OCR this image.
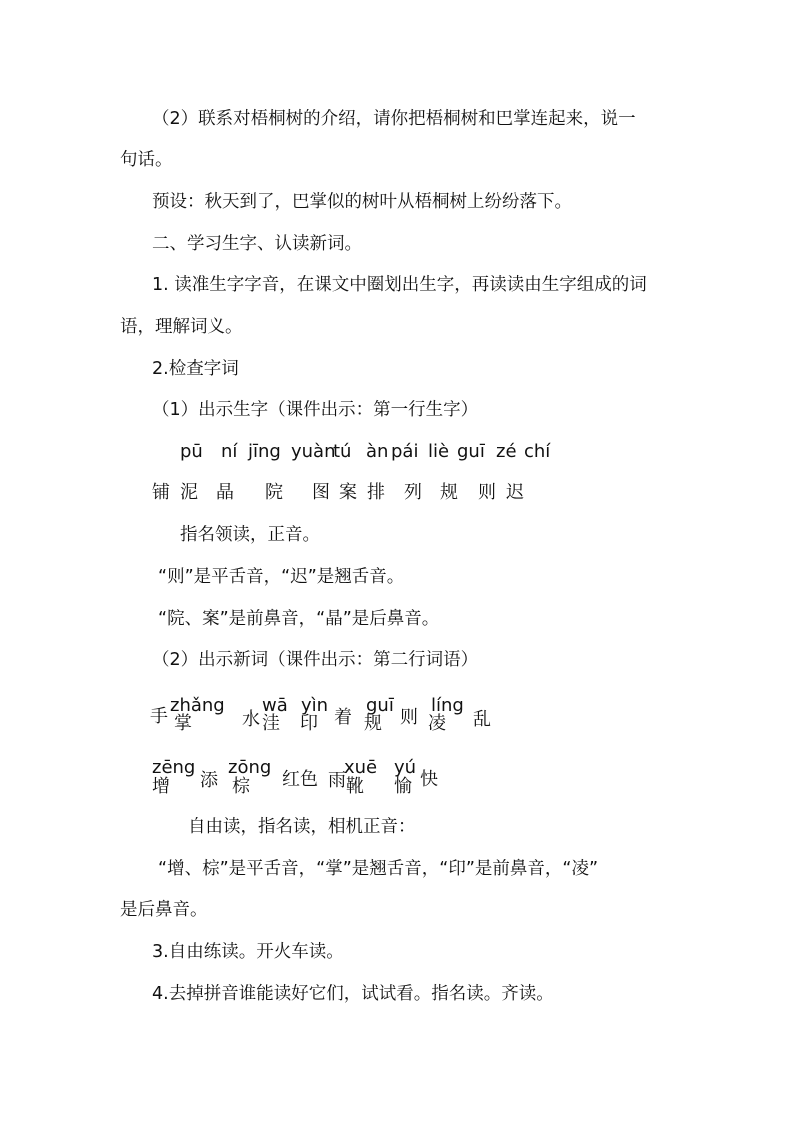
（2）联系对梧桐树的介绍，请你把梧桐树和巴掌连起来，说一
句话。
预设：秋天到了，巴掌似的树叶从梧桐树上纷纷落下。
二、学习生字、认读新词。
1. 读准生字字音，在课文中圈划出生字，再读读由生字组成的词
语，理解词义。
2.检查字词
（1）出示生字（课件出示：第一行生字）
pū ní jīng yuàn
tú àn pái liè guī zé chí
铺 泥 晶 院 图 案 排 列 规 则 迟
指名领读，正音。
“则”是平舌音，“迟”是翘舌音。
“院、案”是前鼻音，“晶”是后鼻音。
（2）出示新词（课件出示：第二行词语）
zhǎng wā yìn guī líng
手 掌	水 洼 印 着 规 则 凌 乱
zēng zōng	xuē yú
增 添 棕 红色 雨 靴 愉 快
自由读，指名读，相机正音：
“增、棕”是平舌音，“掌”是翘舌音，“印”是前鼻音，“凌”
是后鼻音。
3.自由练读。开火车读。
4.去掉拼音谁能读好它们，试试看。指名读。齐读。
